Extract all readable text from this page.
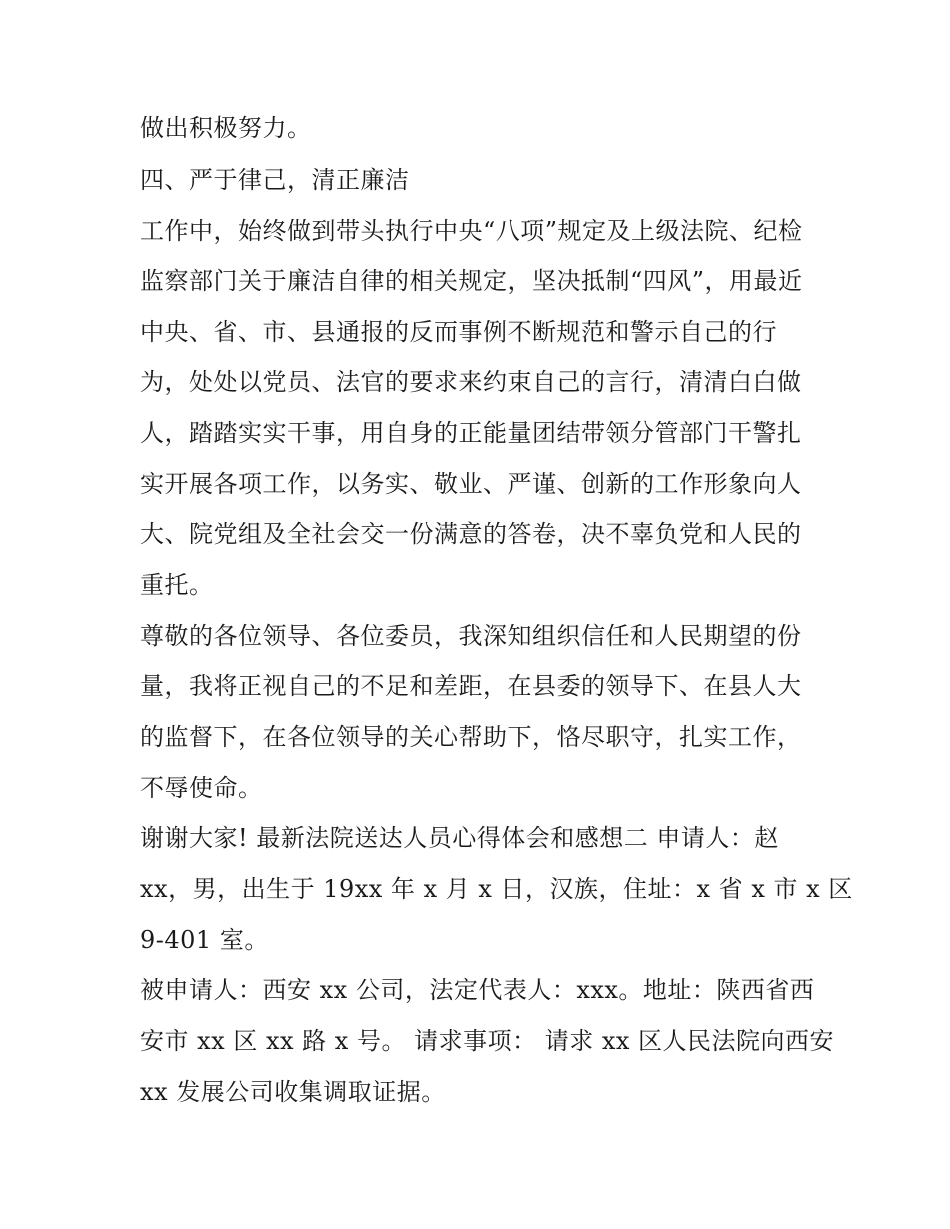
做出积极努力。
四、严于律己，清正廉洁
工作中，始终做到带头执行中央“八项”规定及上级法院、纪检
监察部门关于廉洁自律的相关规定，坚决抵制“四风”，用最近
中央、省、市、县通报的反而事例不断规范和警示自己的行
为，处处以党员、法官的要求来约束自己的言行，清清白白做
人，踏踏实实干事，用自身的正能量团结带领分管部门干警扎
实开展各项工作，以务实、敬业、严谨、创新的工作形象向人
大、院党组及全社会交一份满意的答卷，决不辜负党和人民的
重托。
尊敬的各位领导、各位委员，我深知组织信任和人民期望的份
量，我将正视自己的不足和差距，在县委的领导下、在县人大
的监督下，在各位领导的关心帮助下，恪尽职守，扎实工作，
不辱使命。
谢谢大家! 最新法院送达人员心得体会和感想二 申请人：赵
xx，男，出生于 19xx 年 x 月 x 日，汉族，住址：x 省 x 市 x 区
9-401 室。
被申请人：西安 xx 公司，法定代表人：xxx。地址：陕西省西
安市 xx 区 xx 路 x 号。 请求事项： 请求 xx 区人民法院向西安
xx 发展公司收集调取证据。
